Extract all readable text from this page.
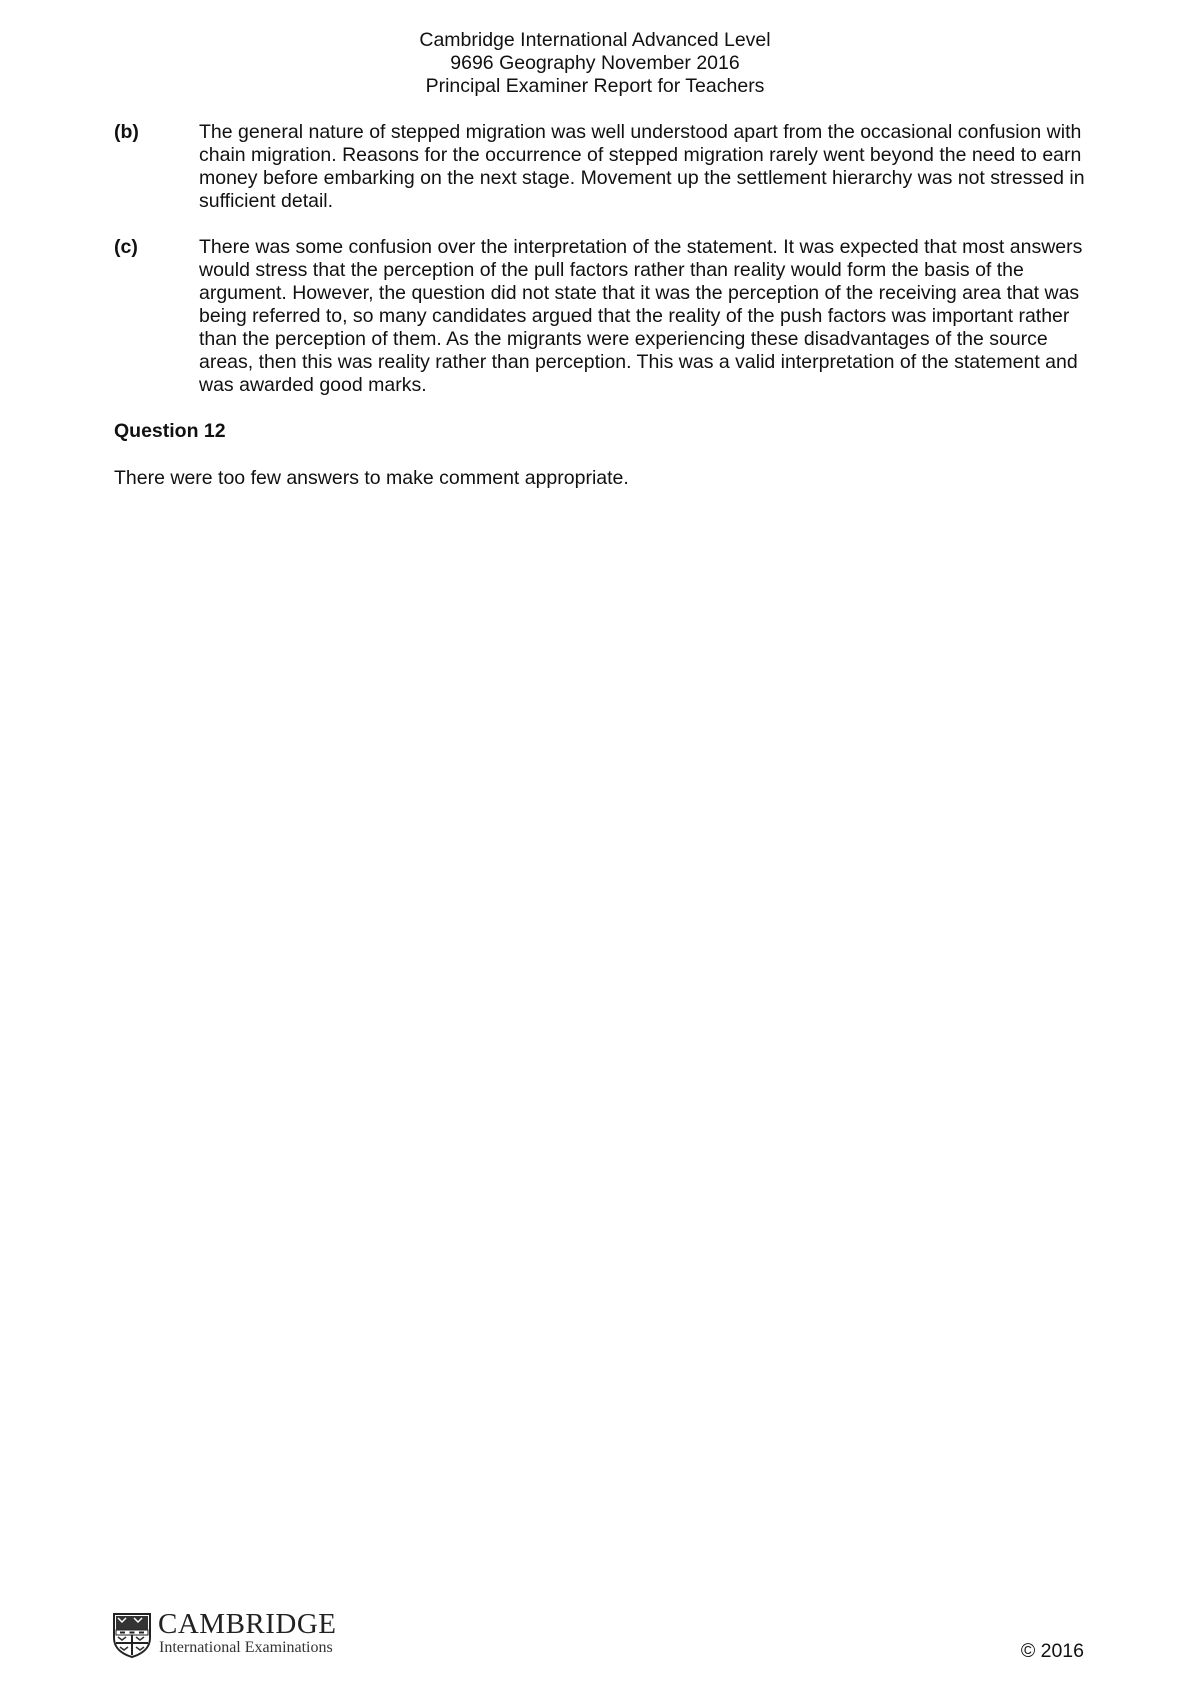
Cambridge International Advanced Level
9696 Geography November 2016
Principal Examiner Report for Teachers
(b)	The general nature of stepped migration was well understood apart from the occasional confusion with chain migration. Reasons for the occurrence of stepped migration rarely went beyond the need to earn money before embarking on the next stage. Movement up the settlement hierarchy was not stressed in sufficient detail.
(c)	There was some confusion over the interpretation of the statement. It was expected that most answers would stress that the perception of the pull factors rather than reality would form the basis of the argument. However, the question did not state that it was the perception of the receiving area that was being referred to, so many candidates argued that the reality of the push factors was important rather than the perception of them. As the migrants were experiencing these disadvantages of the source areas, then this was reality rather than perception. This was a valid interpretation of the statement and was awarded good marks.
Question 12
There were too few answers to make comment appropriate.
CAMBRIDGE
International Examinations	© 2016
